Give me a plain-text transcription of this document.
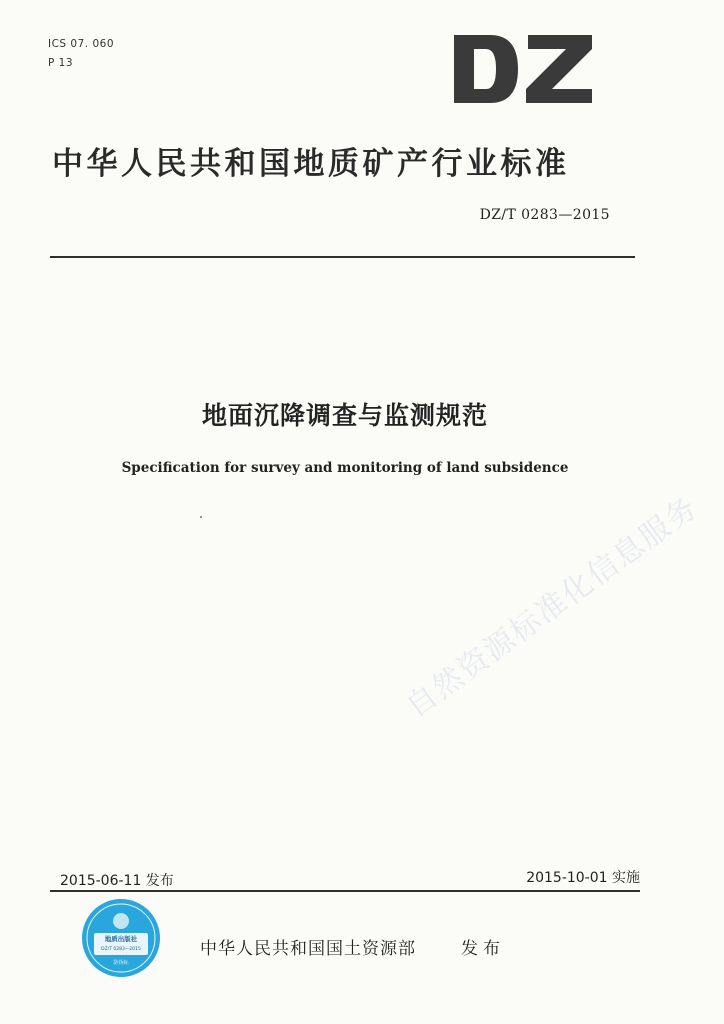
ICS 07. 060
P 13
DZ
中华人民共和国地质矿产行业标准
DZ/T 0283—2015
地面沉降调查与监测规范
Specification for survey and monitoring of land subsidence
自然资源标准化信息服务
2015-06-11 发布	2015-10-01 实施
地质出版社
DZ/T 0283—2015
防伪标
中华人民共和国国土资源部	发布
